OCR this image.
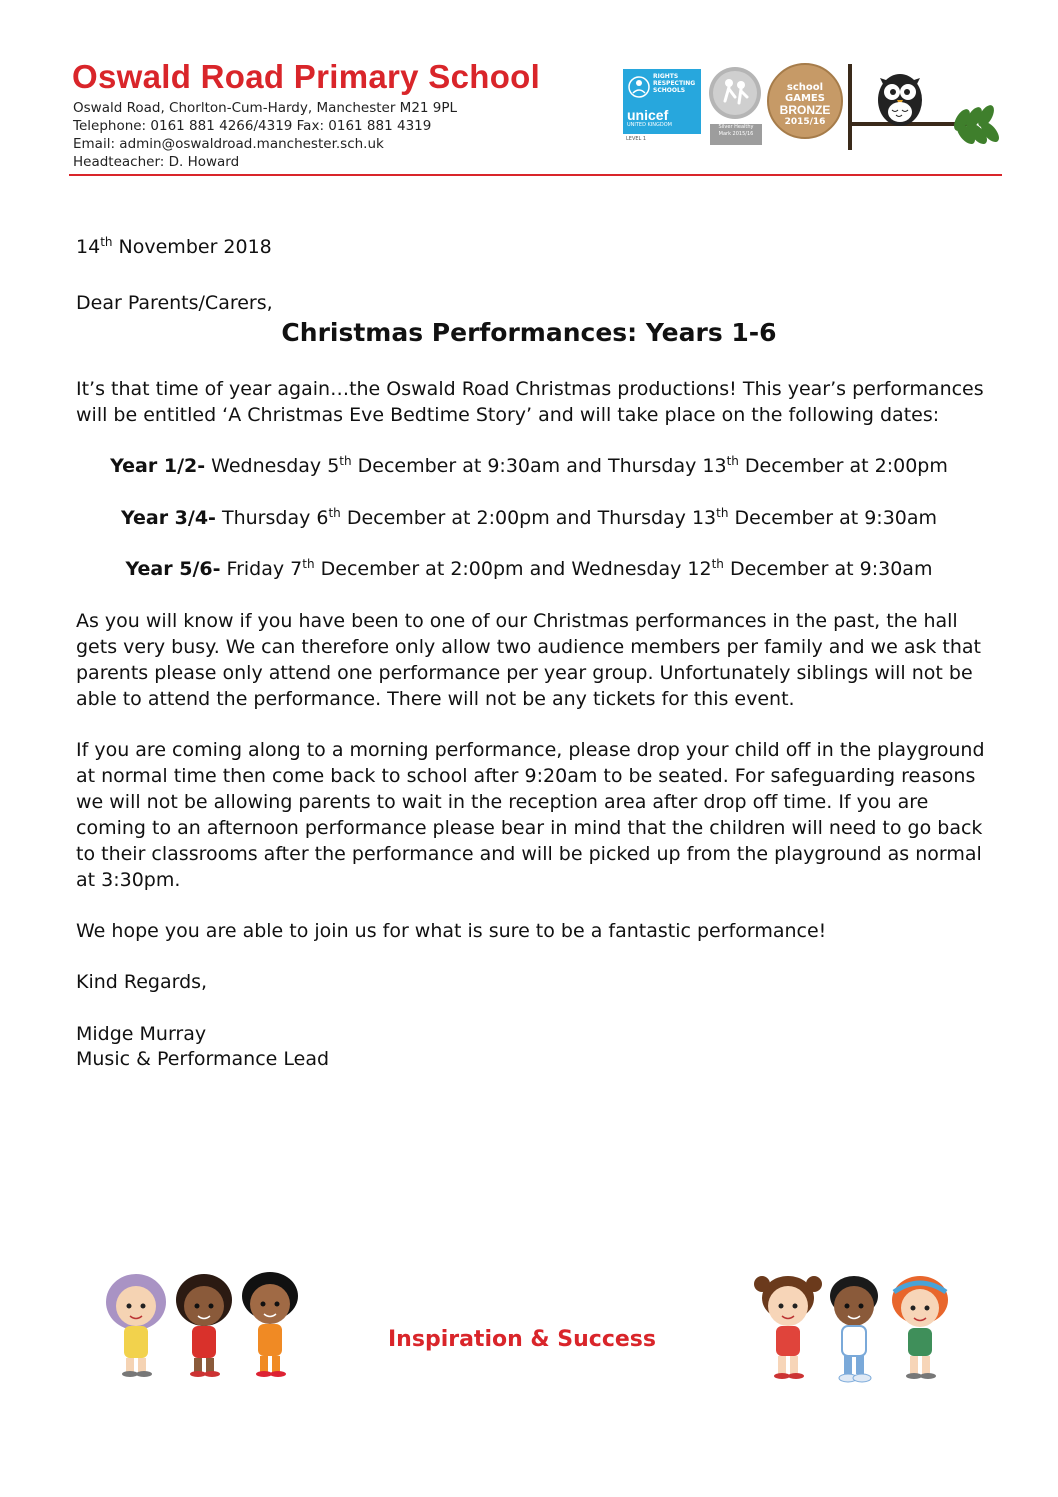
Oswald Road Primary School
Oswald Road, Chorlton-Cum-Hardy, Manchester M21 9PL
Telephone: 0161 881 4266/4319 Fax: 0161 881 4319
Email: admin@oswaldroad.manchester.sch.uk
Headteacher: D. Howard
RIGHTS
RESPECTING
SCHOOLS
unicef
UNITED KINGDOM
LEVEL 1
Silver Healthy
Mark 2015/16
school
GAMES
BRONZE
2015/16
14th November 2018
Dear Parents/Carers,
Christmas Performances: Years 1-6
It’s that time of year again…the Oswald Road Christmas productions! This year’s performances
will be entitled ‘A Christmas Eve Bedtime Story’ and will take place on the following dates:
Year 1/2- Wednesday 5th December at 9:30am and Thursday 13th December at 2:00pm
Year 3/4- Thursday 6th December at 2:00pm and Thursday 13th December at 9:30am
Year 5/6- Friday 7th December at 2:00pm and Wednesday 12th December at 9:30am
As you will know if you have been to one of our Christmas performances in the past, the hall
gets very busy. We can therefore only allow two audience members per family and we ask that
parents please only attend one performance per year group. Unfortunately siblings will not be
able to attend the performance. There will not be any tickets for this event.
If you are coming along to a morning performance, please drop your child off in the playground
at normal time then come back to school after 9:20am to be seated. For safeguarding reasons
we will not be allowing parents to wait in the reception area after drop off time. If you are
coming to an afternoon performance please bear in mind that the children will need to go back
to their classrooms after the performance and will be picked up from the playground as normal
at 3:30pm.
We hope you are able to join us for what is sure to be a fantastic performance!
Kind Regards,
Midge Murray
Music & Performance Lead
Inspiration & Success
